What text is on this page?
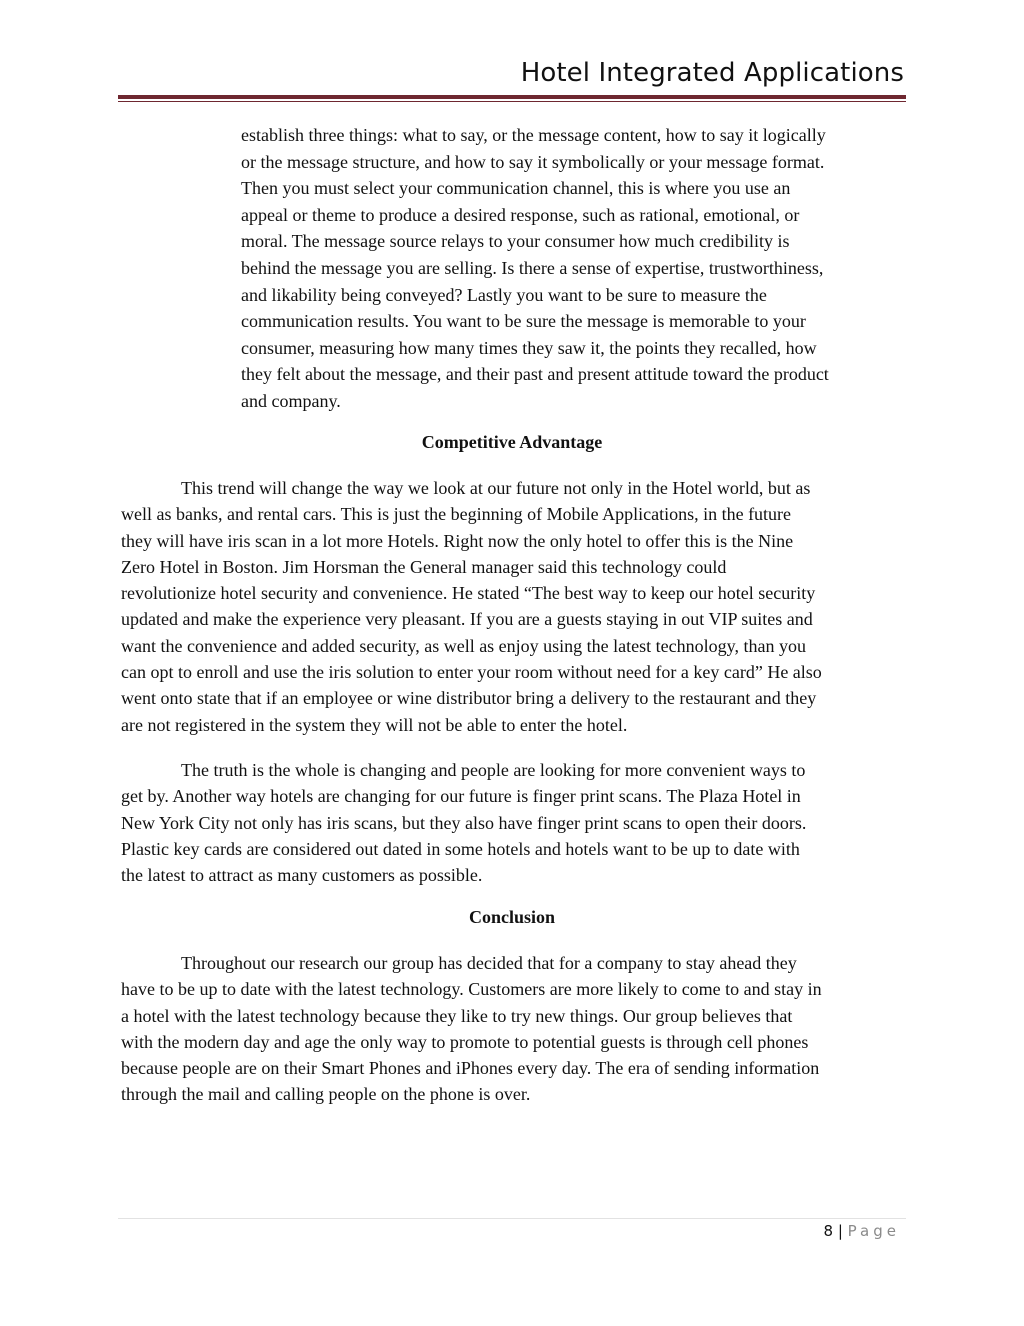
Hotel Integrated Applications
establish three things: what to say, or the message content, how to say it logically
or the message structure, and how to say it symbolically or your message format.
Then you must select your communication channel, this is where you use an
appeal or theme to produce a desired response, such as rational, emotional, or
moral. The message source relays to your consumer how much credibility is
behind the message you are selling. Is there a sense of expertise, trustworthiness,
and likability being conveyed? Lastly you want to be sure to measure the
communication results. You want to be sure the message is memorable to your
consumer, measuring how many times they saw it, the points they recalled, how
they felt about the message, and their past and present attitude toward the product
and company.
Competitive Advantage
This trend will change the way we look at our future not only in the Hotel world, but as
well as banks, and rental cars. This is just the beginning of Mobile Applications, in the future
they will have iris scan in a lot more Hotels. Right now the only hotel to offer this is the Nine
Zero Hotel in Boston. Jim Horsman the General manager said this technology could
revolutionize hotel security and convenience. He stated “The best way to keep our hotel security
updated and make the experience very pleasant. If you are a guests staying in out VIP suites and
want the convenience and added security, as well as enjoy using the latest technology, than you
can opt to enroll and use the iris solution to enter your room without need for a key card” He also
went onto state that if an employee or wine distributor bring a delivery to the restaurant and they
are not registered in the system they will not be able to enter the hotel.
The truth is the whole is changing and people are looking for more convenient ways to
get by. Another way hotels are changing for our future is finger print scans. The Plaza Hotel in
New York City not only has iris scans, but they also have finger print scans to open their doors.
Plastic key cards are considered out dated in some hotels and hotels want to be up to date with
the latest to attract as many customers as possible.
Conclusion
Throughout our research our group has decided that for a company to stay ahead they
have to be up to date with the latest technology. Customers are more likely to come to and stay in
a hotel with the latest technology because they like to try new things. Our group believes that
with the modern day and age the only way to promote to potential guests is through cell phones
because people are on their Smart Phones and iPhones every day. The era of sending information
through the mail and calling people on the phone is over.
8 | Page
